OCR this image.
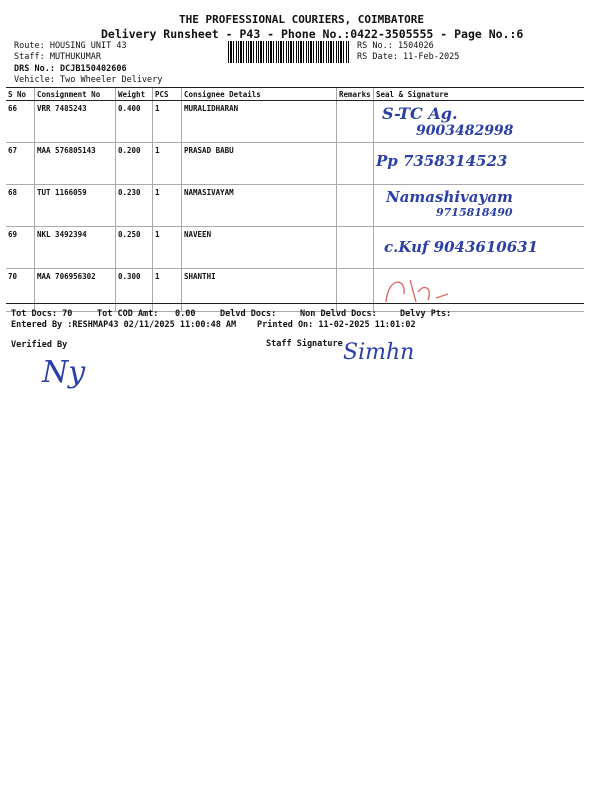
THE PROFESSIONAL COURIERS, COIMBATORE
Delivery Runsheet - P43 - Phone No.:0422-3505555 - Page No.:6
Route: HOUSING UNIT 43
Staff: MUTHUKUMAR
DRS No.: DCJB150402606
Vehicle: Two Wheeler Delivery
RS No.: 1504026
RS Date: 11-Feb-2025
S No	Consignment No	Weight	PCS	Consignee Details	Remarks	Seal & Signature
66	VRR 7485243	0.400	1	MURALIDHARAN		S-TC Ag.
9003482998

67	MAA 576805143	0.200	1	PRASAD BABU		Pp 7358314523

68	TUT 1166059	0.230	1	NAMASIVAYAM		Namashivayam
9715818490

69	NKL 3492394	0.250	1	NAVEEN		c.Kuf 9043610631

70	MAA 706956302	0.300	1	SHANTHI		
Tot Docs: 70	Tot COD Amt: 0.00	Delvd Docs:	Non Delvd Docs:	Delvy Pts:
Entered By :RESHMAP43 02/11/2025 11:00:48 AM Printed On: 11-02-2025 11:01:02
Verified By	Staff Signature
Ny
Simhn
